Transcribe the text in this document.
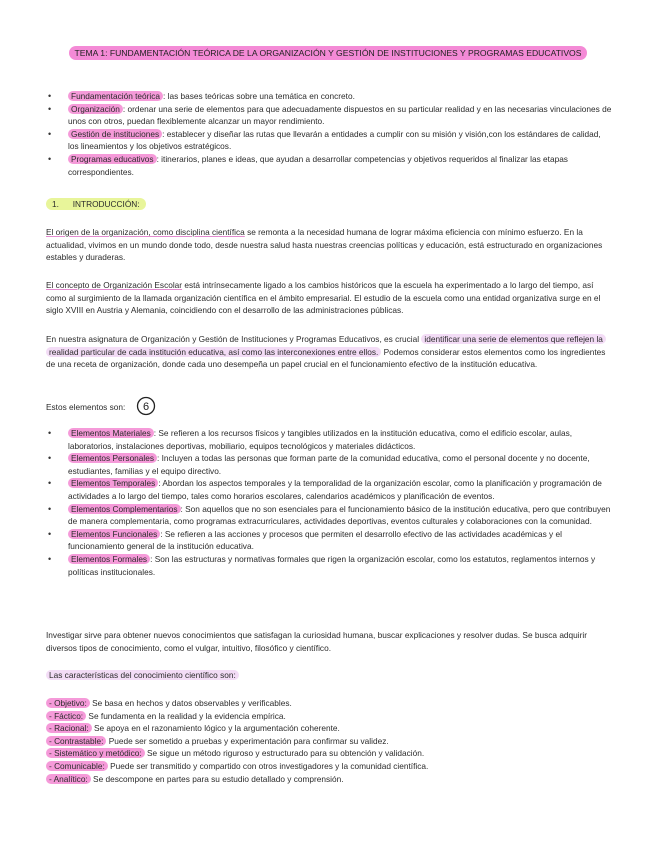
TEMA 1: FUNDAMENTACIÓN TEÓRICA DE LA ORGANIZACIÓN Y GESTIÓN DE INSTITUCIONES Y PROGRAMAS EDUCATIVOS
• Fundamentación teórica : las bases teóricas sobre una temática en concreto.
• Organización : ordenar una serie de elementos para que adecuadamente dispuestos en su particular realidad y en las necesarias vinculaciones de unos con otros, puedan flexiblemente alcanzar un mayor rendimiento.
• Gestión de instituciones : establecer y diseñar las rutas que llevarán a entidades a cumplir con su misión y visión,con los estándares de calidad, los lineamientos y los objetivos estratégicos.
• Programas educativos : itinerarios, planes e ideas, que ayudan a desarrollar competencias y objetivos requeridos al finalizar las etapas correspondientes.
1.      INTRODUCCIÓN:

El origen de la organización, como disciplina científica se remonta a la necesidad humana de lograr máxima eficiencia con mínimo esfuerzo. En la actualidad, vivimos en un mundo donde todo, desde nuestra salud hasta nuestras creencias políticas y educación, está estructurado en organizaciones estables y duraderas.

El concepto de Organización Escolar está intrínsecamente ligado a los cambios históricos que la escuela ha experimentado a lo largo del tiempo, así como al surgimiento de la llamada organización científica en el ámbito empresarial. El estudio de la escuela como una entidad organizativa surge en el siglo XVIII en Austria y Alemania, coincidiendo con el desarrollo de las administraciones públicas.

En nuestra asignatura de Organización y Gestión de Instituciones y Programas Educativos, es crucial identificar una serie de elementos que reflejen la realidad particular de cada institución educativa, así como las interconexiones entre ellos. Podemos considerar estos elementos como los ingredientes de una receta de organización, donde cada uno desempeña un papel crucial en el funcionamiento efectivo de la institución educativa.

Estos elementos son: 6
• Elementos Materiales : Se refieren a los recursos físicos y tangibles utilizados en la institución educativa, como el edificio escolar, aulas, laboratorios, instalaciones deportivas, mobiliario, equipos tecnológicos y materiales didácticos.
• Elementos Personales : Incluyen a todas las personas que forman parte de la comunidad educativa, como el personal docente y no docente, estudiantes, familias y el equipo directivo.
• Elementos Temporales : Abordan los aspectos temporales y la temporalidad de la organización escolar, como la planificación y programación de actividades a lo largo del tiempo, tales como horarios escolares, calendarios académicos y planificación de eventos.
• Elementos Complementarios : Son aquellos que no son esenciales para el funcionamiento básico de la institución educativa, pero que contribuyen de manera complementaria, como programas extracurriculares, actividades deportivas, eventos culturales y colaboraciones con la comunidad.
• Elementos Funcionales : Se refieren a las acciones y procesos que permiten el desarrollo efectivo de las actividades académicas y el funcionamiento general de la institución educativa.
• Elementos Formales : Son las estructuras y normativas formales que rigen la organización escolar, como los estatutos, reglamentos internos y políticas institucionales.

Investigar sirve para obtener nuevos conocimientos que satisfagan la curiosidad humana, buscar explicaciones y resolver dudas. Se busca adquirir diversos tipos de conocimiento, como el vulgar, intuitivo, filosófico y científico.

Las características del conocimiento científico son:
- Objetivo: Se basa en hechos y datos observables y verificables.
- Fáctico: Se fundamenta en la realidad y la evidencia empírica.
- Racional: Se apoya en el razonamiento lógico y la argumentación coherente.
- Contrastable: Puede ser sometido a pruebas y experimentación para confirmar su validez.
- Sistemático y metódico: Se sigue un método riguroso y estructurado para su obtención y validación.
- Comunicable: Puede ser transmitido y compartido con otros investigadores y la comunidad científica.
- Analítico: Se descompone en partes para su estudio detallado y comprensión.
